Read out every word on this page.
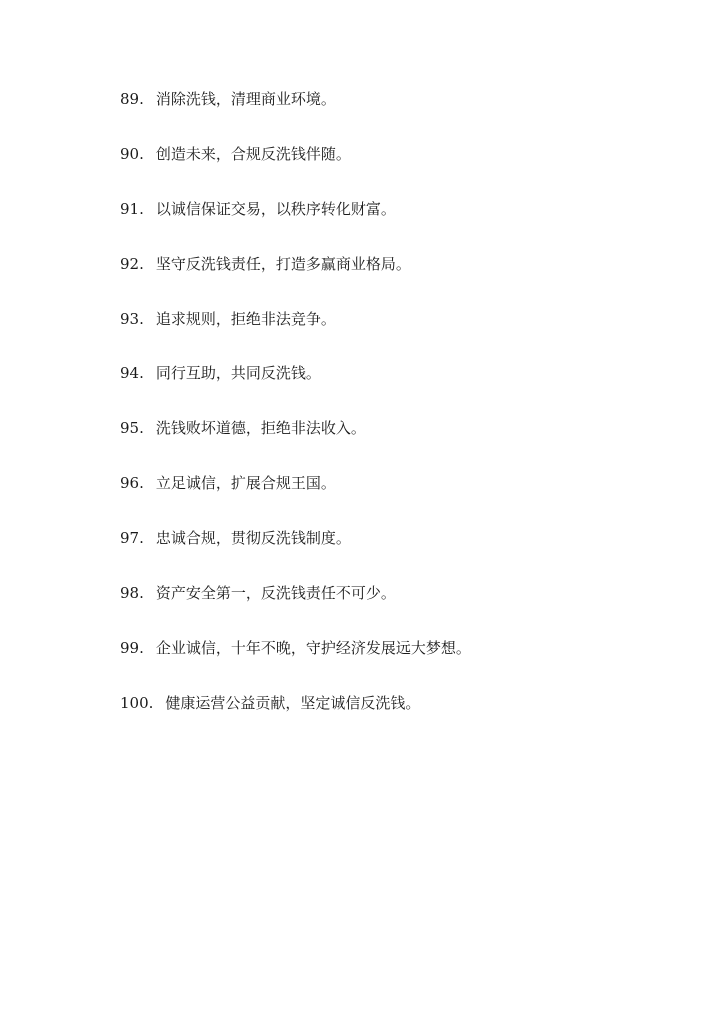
89. 消除洗钱，清理商业环境。
90. 创造未来，合规反洗钱伴随。
91. 以诚信保证交易，以秩序转化财富。
92. 坚守反洗钱责任，打造多赢商业格局。
93. 追求规则，拒绝非法竞争。
94. 同行互助，共同反洗钱。
95. 洗钱败坏道德，拒绝非法收入。
96. 立足诚信，扩展合规王国。
97. 忠诚合规，贯彻反洗钱制度。
98. 资产安全第一，反洗钱责任不可少。
99. 企业诚信，十年不晚，守护经济发展远大梦想。
100. 健康运营公益贡献，坚定诚信反洗钱。
